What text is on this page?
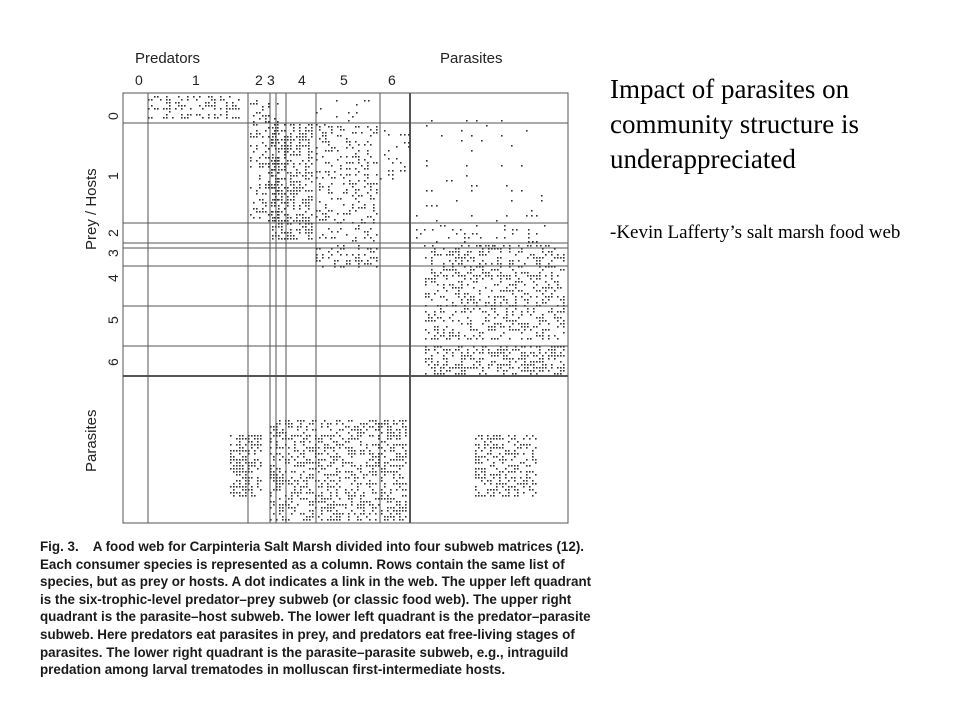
Predators	Parasites
0	1	2 3 4 5	6
0
1
2
3
4
5
6
Prey / Hosts
Parasites
Fig. 3. A food web for Carpinteria Salt Marsh divided into four subweb matrices (12). Each consumer species is represented as a column. Rows contain the same list of species, but as prey or hosts. A dot indicates a link in the web. The upper left quadrant is the six-trophic-level predator–prey subweb (or classic food web). The upper right quadrant is the parasite–host subweb. The lower left quadrant is the predator–parasite subweb. Here predators eat parasites in prey, and predators eat free-living stages of parasites. The lower right quadrant is the parasite–parasite subweb, e.g., intraguild predation among larval trematodes in molluscan first-intermediate hosts.
Impact of parasites on community structure is underappreciated
-Kevin Lafferty’s salt marsh food web
